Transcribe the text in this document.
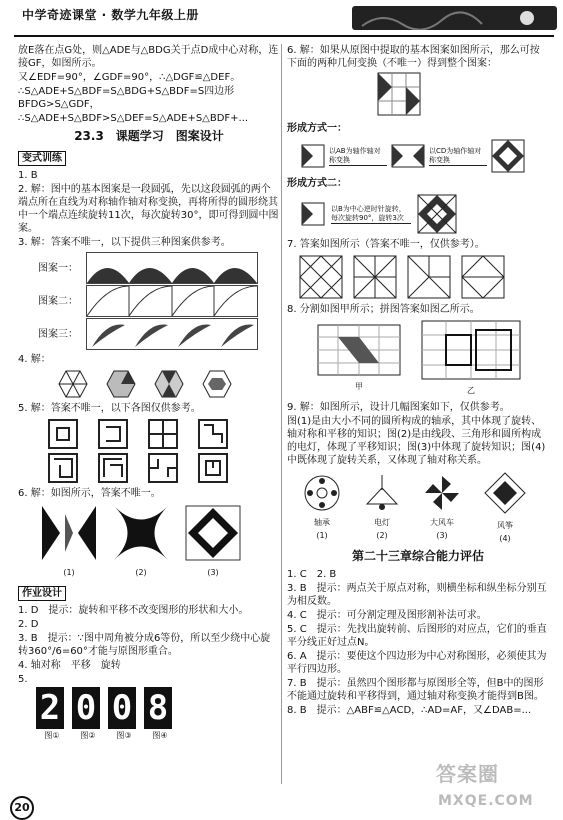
中学奇迹课堂 · 数学九年级上册

放E落在点G处，则△ADE与△BDG关于点D成中心对称，连接GF，如图所示。

又∠EDF=90°，∠GDF=90°，∴△DGF≌△DEF。

∴S△ADE+S△BDF=S△BDG+S△BDF=S四边形BFDG>S△GDF，

∴S△ADE+S△BDF>S△DEF=S△ADE+S△BDF+...

23.3　课题学习　图案设计
变式训练

1. B

2. 解：图中的基本图案是一段圆弧，先以这段圆弧的两个端点所在直线为对称轴作轴对称变换，再将所得的圆形绕其中一个端点连续旋转11次，每次旋转30°，即可得到圆中图案。

3. 解：答案不唯一，以下提供三种图案供参考。

图案一：
图案二：
图案三：

4. 解：

5. 解：答案不唯一，以下各图仅供参考。

6. 解：如图所示，答案不唯一。

(1)	(2)	(3)
作业设计

1. D　提示：旋转和平移不改变图形的形状和大小。

2. D

3. B　提示：∵图中周角被分成6等份，所以至少绕中心旋转360°/6=60°才能与原图形重合。

4. 轴对称　平移　旋转

5.

2
图①
0
图②
0
图③
8
图④

6. 解：如果从原图中提取的基本图案如图所示，那么可按下面的两种几何变换（不唯一）得到整个图案：

形成方式一：

以AB为轴作轴对称变换
以CD为轴作轴对称变换

形成方式二：

以B为中心逆时针旋转，每次旋转90°，旋转3次

7. 答案如图所示（答案不唯一，仅供参考）。

8. 分割如图甲所示；拼图答案如图乙所示。

甲	乙

9. 解：如图所示，设计几幅图案如下，仅供参考。

图(1)是由大小不同的圆所构成的轴承，其中体现了旋转、轴对称和平移的知识；图(2)是由线段、三角形和圆所构成的电灯，体现了平移知识；图(3)中体现了旋转知识；图(4)中既体现了旋转关系，又体现了轴对称关系。

轴承
(1)
电灯
(2)
大风车
(3)
风筝
(4)
第二十三章综合能力评估

1. C　2. B

3. B　提示：两点关于原点对称，则横坐标和纵坐标分别互为相反数。

4. C　提示：可分割定理及图形割补法可求。

5. C　提示：先找出旋转前、后图形的对应点，它们的垂直平分线正好过点N。

6. A　提示：要使这个四边形为中心对称图形，必须使其为平行四边形。

7. B　提示：虽然四个图形都与原图形全等，但B中的图形不能通过旋转和平移得到，通过轴对称变换才能得到B图。

8. B　提示：△ABF≌△ACD，∴AD=AF，又∠DAB=...

20
答案圈
MXQE.COM
